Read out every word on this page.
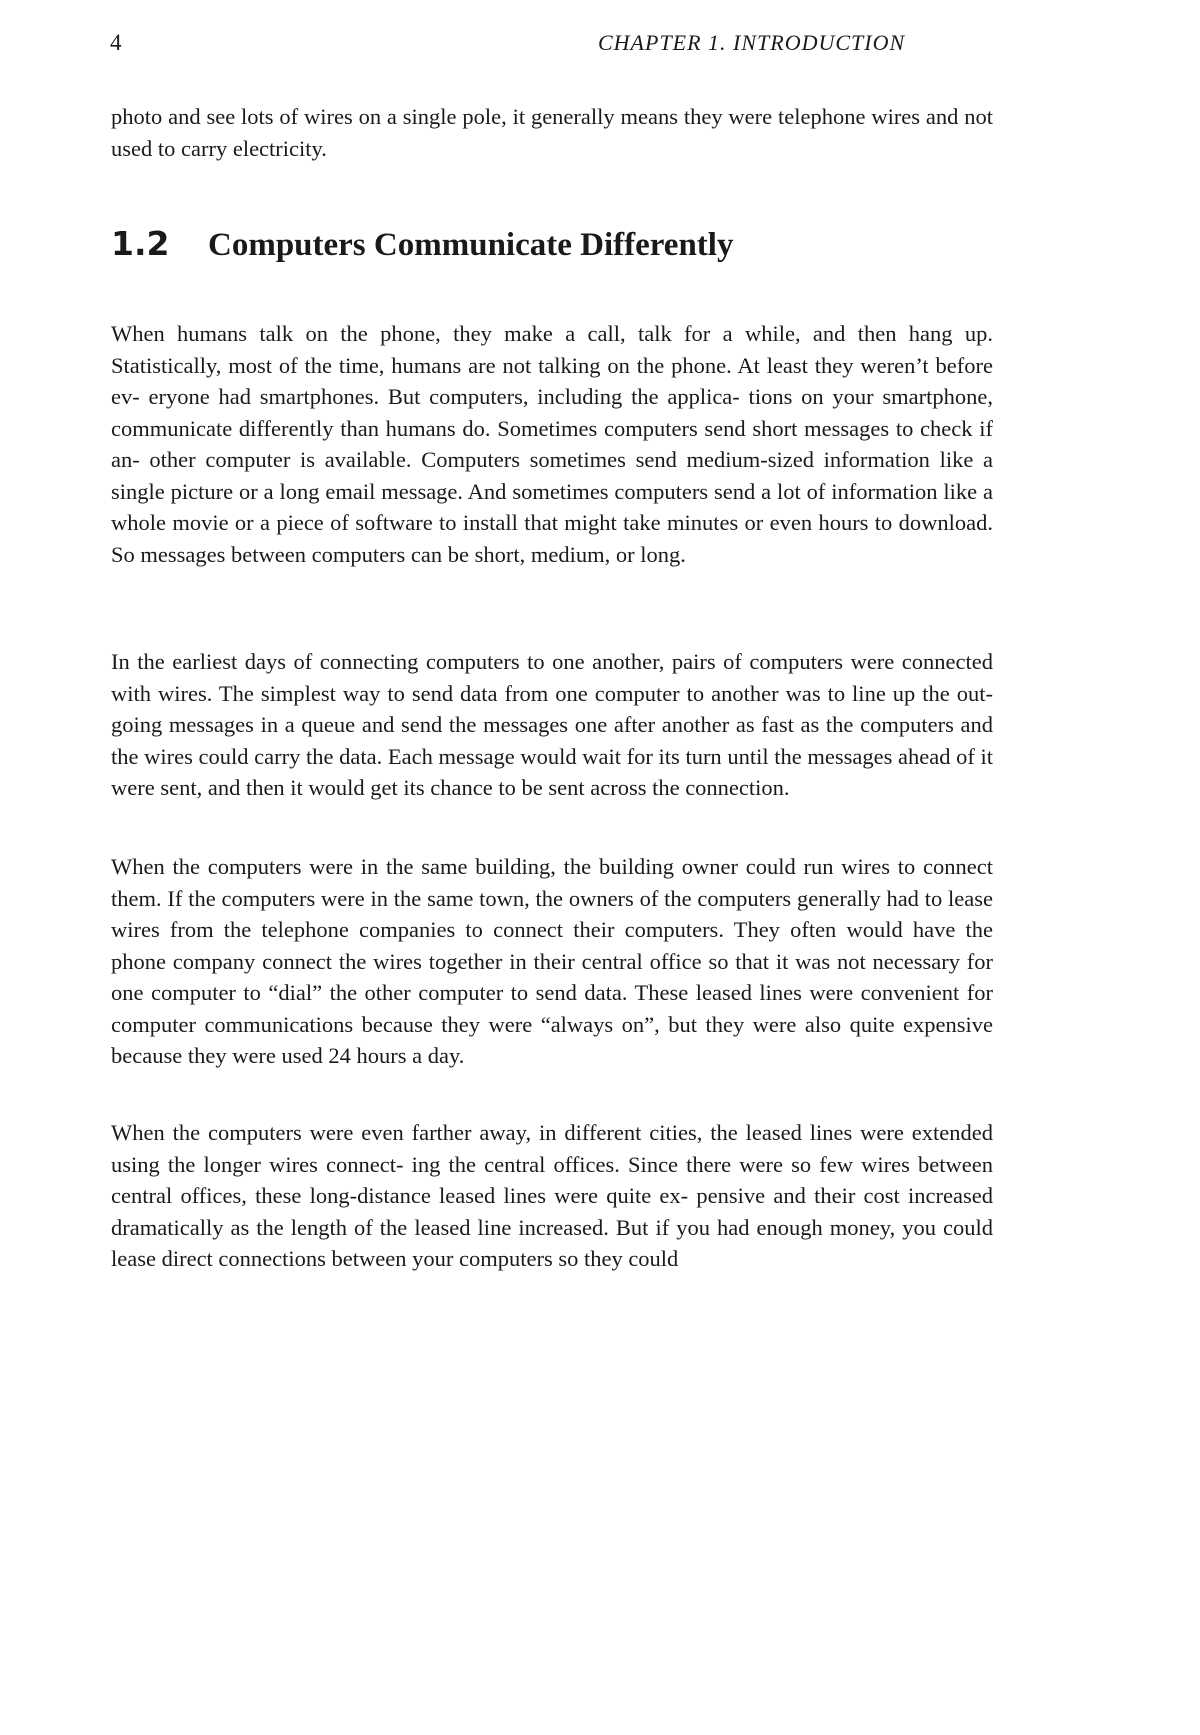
4	CHAPTER 1. INTRODUCTION

photo and see lots of wires on a single pole, it generally means they were telephone wires and not used to carry electricity.

1.2 Computers Communicate Differently

When humans talk on the phone, they make a call, talk for a while, and then hang up. Statistically, most of the time, humans are not talking on the phone. At least they weren’t before ev- eryone had smartphones. But computers, including the applica- tions on your smartphone, communicate differently than humans do. Sometimes computers send short messages to check if an- other computer is available. Computers sometimes send medium-sized information like a single picture or a long email message. And sometimes computers send a lot of information like a whole movie or a piece of software to install that might take minutes or even hours to download. So messages between computers can be short, medium, or long.

In the earliest days of connecting computers to one another, pairs of computers were connected with wires. The simplest way to send data from one computer to another was to line up the out- going messages in a queue and send the messages one after another as fast as the computers and the wires could carry the data. Each message would wait for its turn until the messages ahead of it were sent, and then it would get its chance to be sent across the connection.

When the computers were in the same building, the building owner could run wires to connect them. If the computers were in the same town, the owners of the computers generally had to lease wires from the telephone companies to connect their computers. They often would have the phone company connect the wires together in their central office so that it was not necessary for one computer to “dial” the other computer to send data. These leased lines were convenient for computer communications because they were “always on”, but they were also quite expensive because they were used 24 hours a day.

When the computers were even farther away, in different cities, the leased lines were extended using the longer wires connect- ing the central offices. Since there were so few wires between central offices, these long-distance leased lines were quite ex- pensive and their cost increased dramatically as the length of the leased line increased. But if you had enough money, you could lease direct connections between your computers so they could
